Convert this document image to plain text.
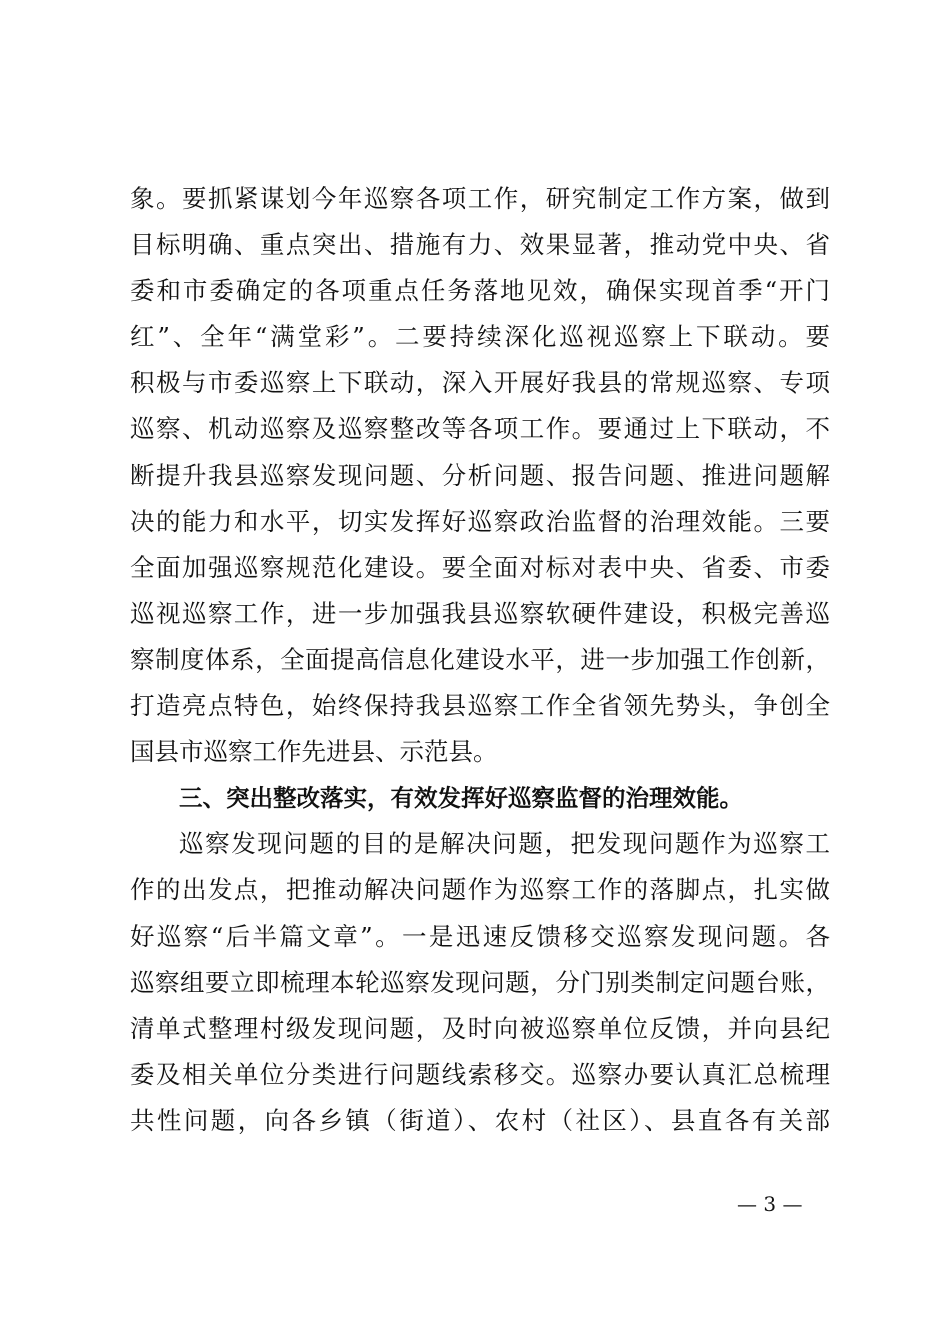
象。要抓紧谋划今年巡察各项工作，研究制定工作方案，做到
目标明确、重点突出、措施有力、效果显著，推动党中央、省
委和市委确定的各项重点任务落地见效，确保实现首季“开门
红”、全年“满堂彩”。二要持续深化巡视巡察上下联动。要
积极与市委巡察上下联动，深入开展好我县的常规巡察、专项
巡察、机动巡察及巡察整改等各项工作。要通过上下联动，不
断提升我县巡察发现问题、分析问题、报告问题、推进问题解
决的能力和水平，切实发挥好巡察政治监督的治理效能。三要
全面加强巡察规范化建设。要全面对标对表中央、省委、市委
巡视巡察工作，进一步加强我县巡察软硬件建设，积极完善巡
察制度体系，全面提高信息化建设水平，进一步加强工作创新，
打造亮点特色，始终保持我县巡察工作全省领先势头，争创全
国县市巡察工作先进县、示范县。
三、突出整改落实，有效发挥好巡察监督的治理效能。
巡察发现问题的目的是解决问题，把发现问题作为巡察工
作的出发点，把推动解决问题作为巡察工作的落脚点，扎实做
好巡察“后半篇文章”。一是迅速反馈移交巡察发现问题。各
巡察组要立即梳理本轮巡察发现问题，分门别类制定问题台账，
清单式整理村级发现问题，及时向被巡察单位反馈，并向县纪
委及相关单位分类进行问题线索移交。巡察办要认真汇总梳理
共性问题，向各乡镇（街道）、农村（社区）、县直各有关部
— 3 —
